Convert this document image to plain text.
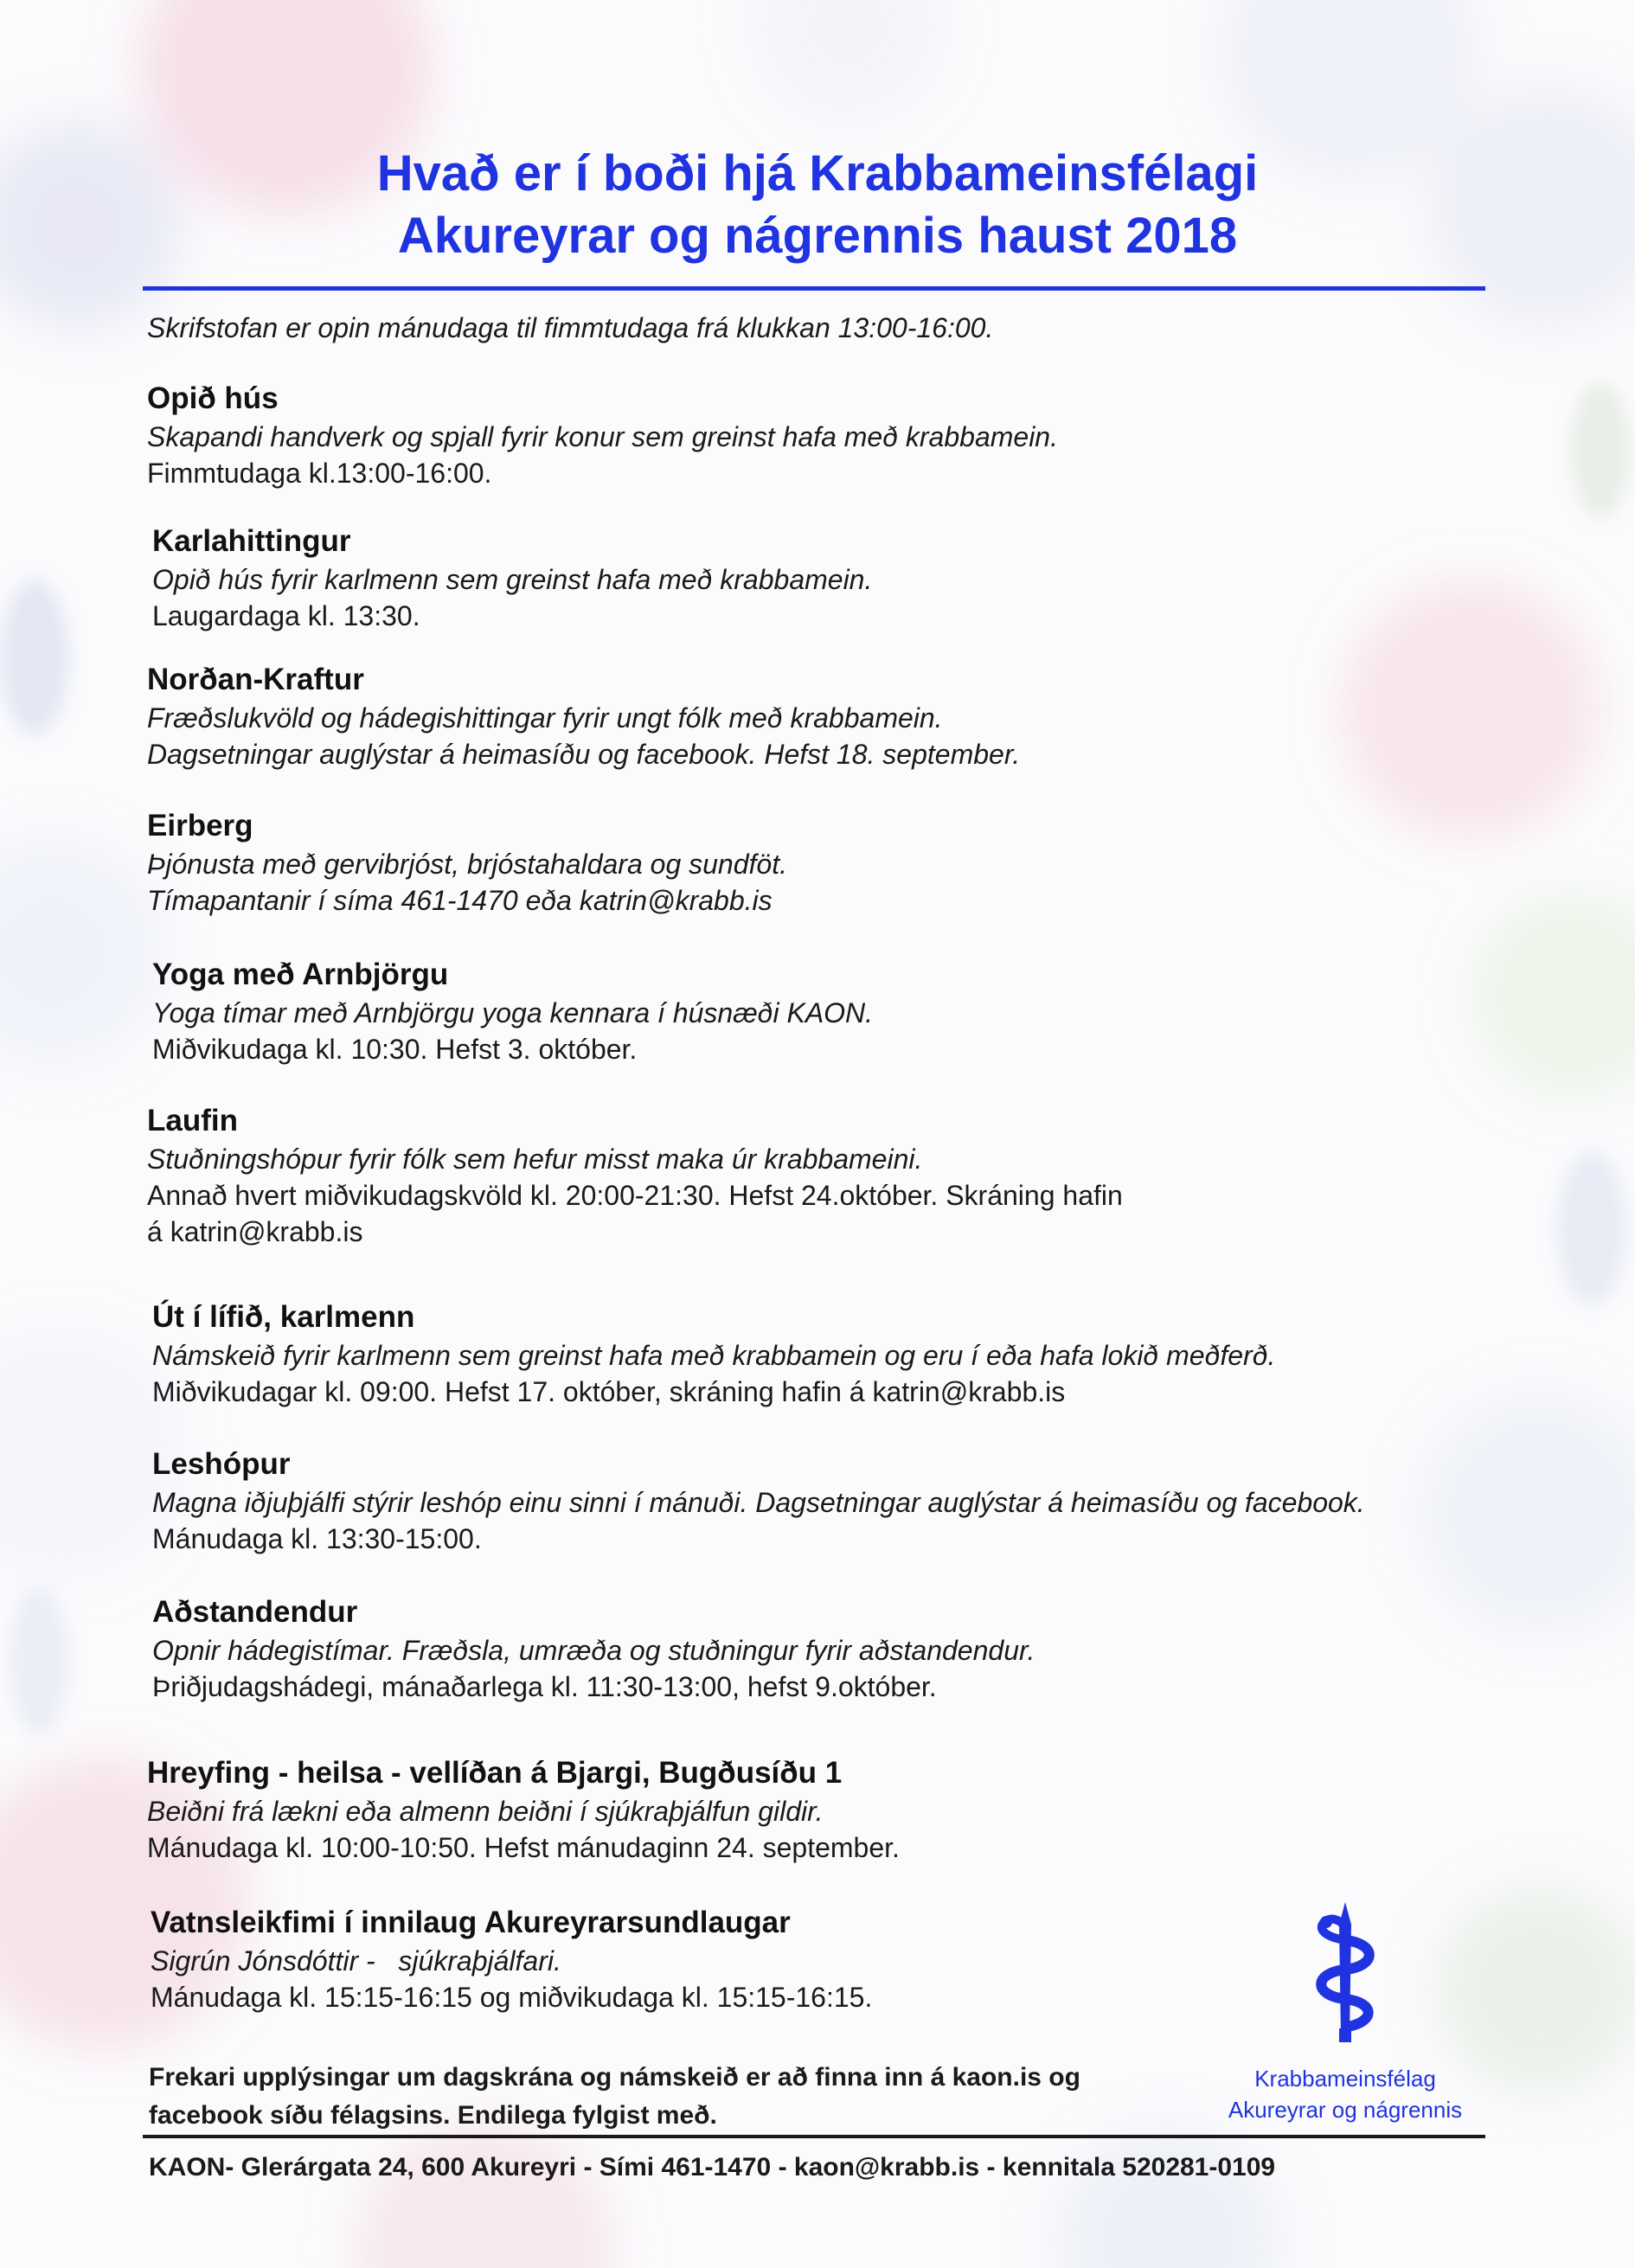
Hvað er í boði hjá Krabbameinsfélagi
Akureyrar og nágrennis haust 2018

Skrifstofan er opin mánudaga til fimmtudaga frá klukkan 13:00-16:00.

Opið hús

Skapandi handverk og spjall fyrir konur sem greinst hafa með krabbamein.

Fimmtudaga kl.13:00-16:00.

Karlahittingur

Opið hús fyrir karlmenn sem greinst hafa með krabbamein.

Laugardaga kl. 13:30.

Norðan-Kraftur

Fræðslukvöld og hádegishittingar fyrir ungt fólk með krabbamein.

Dagsetningar auglýstar á heimasíðu og facebook. Hefst 18. september.

Eirberg

Þjónusta með gervibrjóst, brjóstahaldara og sundföt.

Tímapantanir í síma 461-1470 eða katrin@krabb.is

Yoga með Arnbjörgu

Yoga tímar með Arnbjörgu yoga kennara í húsnæði KAON.

Miðvikudaga kl. 10:30. Hefst 3. október.

Laufin

Stuðningshópur fyrir fólk sem hefur misst maka úr krabbameini.

Annað hvert miðvikudagskvöld kl. 20:00-21:30. Hefst 24.október. Skráning hafin

á katrin@krabb.is

Út í lífið, karlmenn

Námskeið fyrir karlmenn sem greinst hafa með krabbamein og eru í eða hafa lokið meðferð.

Miðvikudagar kl. 09:00. Hefst 17. október, skráning hafin á katrin@krabb.is

Leshópur

Magna iðjuþjálfi stýrir leshóp einu sinni í mánuði. Dagsetningar auglýstar á heimasíðu og facebook.

Mánudaga kl. 13:30-15:00.

Aðstandendur

Opnir hádegistímar. Fræðsla, umræða og stuðningur fyrir aðstandendur.

Þriðjudagshádegi, mánaðarlega kl. 11:30-13:00, hefst 9.október.

Hreyfing - heilsa - vellíðan á Bjargi, Bugðusíðu 1

Beiðni frá lækni eða almenn beiðni í sjúkraþjálfun gildir.

Mánudaga kl. 10:00-10:50. Hefst mánudaginn 24. september.

Vatnsleikfimi í innilaug Akureyrarsundlaugar

Sigrún Jónsdóttir -   sjúkraþjálfari.

Mánudaga kl. 15:15-16:15 og miðvikudaga kl. 15:15-16:15.

Krabbameinsfélag
Akureyrar og nágrennis
Frekari upplýsingar um dagskrána og námskeið er að finna inn á kaon.is og
facebook síðu félagsins. Endilega fylgist með.

KAON- Glerárgata 24, 600 Akureyri - Sími 461-1470 - kaon@krabb.is - kennitala 520281-0109
